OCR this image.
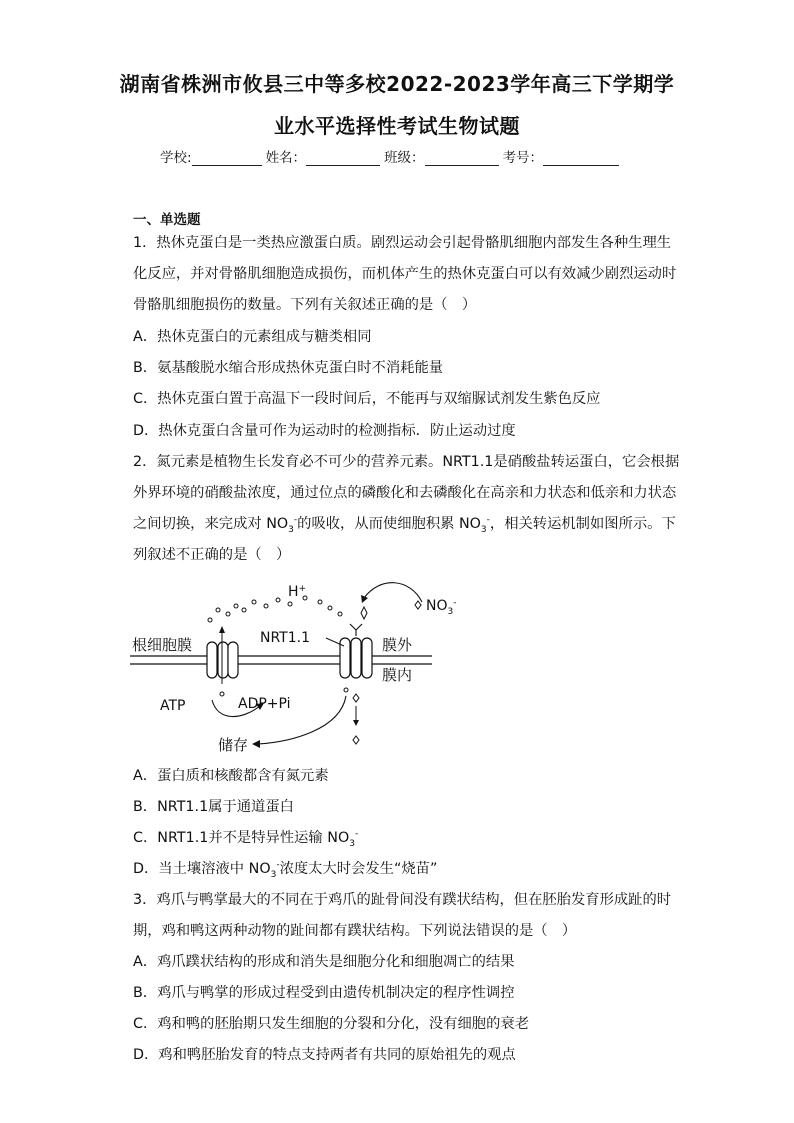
湖南省株洲市攸县三中等多校2022-2023学年高三下学期学
业水平选择性考试生物试题
学校:	姓名：	班级：	考号：
一、单选题
1．热休克蛋白是一类热应激蛋白质。剧烈运动会引起骨骼肌细胞内部发生各种生理生
化反应，并对骨骼肌细胞造成损伤，而机体产生的热休克蛋白可以有效减少剧烈运动时
骨骼肌细胞损伤的数量。下列有关叙述正确的是（　）
A．热休克蛋白的元素组成与糖类相同
B．氨基酸脱水缩合形成热休克蛋白时不消耗能量
C．热休克蛋白置于高温下一段时间后，不能再与双缩脲试剂发生紫色反应
D．热休克蛋白含量可作为运动时的检测指标．防止运动过度
2．氮元素是植物生长发育必不可少的营养元素。NRT1.1是硝酸盐转运蛋白，它会根据
外界环境的硝酸盐浓度，通过位点的磷酸化和去磷酸化在高亲和力状态和低亲和力状态
之间切换，来完成对 $NO_3^-$的吸收，从而使细胞积累 $NO_3^-$，相关转运机制如图所示。下
列叙述不正确的是（　）
根细胞膜	NRT1.1
H+
$NO_3^-$
膜外
膜内
ATP	ADP+Pi
储存
A．蛋白质和核酸都含有氮元素
B．NRT1.1属于通道蛋白
C．NRT1.1并不是特异性运输 $NO_3^-$
D．当土壤溶液中 $NO_3^-$浓度太大时会发生“烧苗”
3．鸡爪与鸭掌最大的不同在于鸡爪的趾骨间没有蹼状结构，但在胚胎发育形成趾的时
期，鸡和鸭这两种动物的趾间都有蹼状结构。下列说法错误的是（　）
A．鸡爪蹼状结构的形成和消失是细胞分化和细胞凋亡的结果
B．鸡爪与鸭掌的形成过程受到由遗传机制决定的程序性调控
C．鸡和鸭的胚胎期只发生细胞的分裂和分化，没有细胞的衰老
D．鸡和鸭胚胎发育的特点支持两者有共同的原始祖先的观点
